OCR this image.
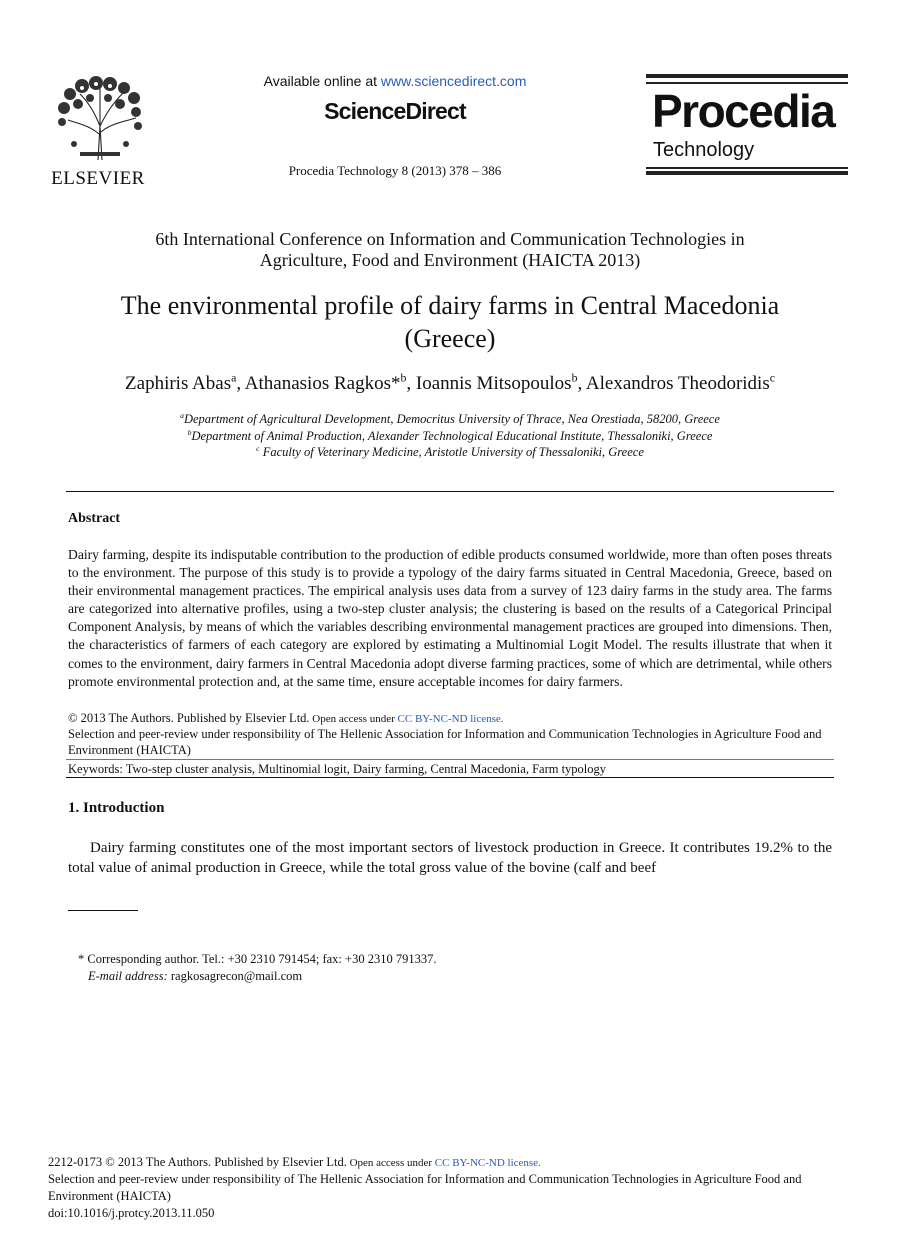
ELSEVIER
Available online at www.sciencedirect.com
ScienceDirect
Procedia Technology 8 (2013) 378 – 386
Procedia
Technology
6th International Conference on Information and Communication Technologies in
Agriculture, Food and Environment (HAICTA 2013)
The environmental profile of dairy farms in Central Macedonia
(Greece)
Zaphiris Abas$^a$, Athanasios Ragkos*$^b$, Ioannis Mitsopoulos$^b$, Alexandros Theodoridis$^c$
$^a$Department of Agricultural Development, Democritus University of Thrace, Nea Orestiada, 58200, Greece
$^b$Department of Animal Production, Alexander Technological Educational Institute, Thessaloniki, Greece
$^c$ Faculty of Veterinary Medicine, Aristotle University of Thessaloniki, Greece
Abstract
Dairy farming, despite its indisputable contribution to the production of edible products consumed worldwide, more than often poses threats to the environment. The purpose of this study is to provide a typology of the dairy farms situated in Central Macedonia, Greece, based on their environmental management practices. The empirical analysis uses data from a survey of 123 dairy farms in the study area. The farms are categorized into alternative profiles, using a two-step cluster analysis; the clustering is based on the results of a Categorical Principal Component Analysis, by means of which the variables describing environmental management practices are grouped into dimensions. Then, the characteristics of farmers of each category are explored by estimating a Multinomial Logit Model. The results illustrate that when it comes to the environment, dairy farmers in Central Macedonia adopt diverse farming practices, some of which are detrimental, while others promote environmental protection and, at the same time, ensure acceptable incomes for dairy farmers.
© 2013 The Authors. Published by Elsevier Ltd. Open access under CC BY-NC-ND license.
Selection and peer-review under responsibility of The Hellenic Association for Information and Communication Technologies in Agriculture Food and Environment (HAICTA)
Keywords: Two-step cluster analysis, Multinomial logit, Dairy farming, Central Macedonia, Farm typology
1. Introduction
Dairy farming constitutes one of the most important sectors of livestock production in Greece. It contributes 19.2% to the total value of animal production in Greece, while the total gross value of the bovine (calf and beef
* Corresponding author. Tel.: +30 2310 791454; fax: +30 2310 791337.
E-mail address: ragkosagrecon@mail.com
2212-0173 © 2013 The Authors. Published by Elsevier Ltd. Open access under CC BY-NC-ND license.
Selection and peer-review under responsibility of The Hellenic Association for Information and Communication Technologies in Agriculture Food and Environment (HAICTA)
doi:10.1016/j.protcy.2013.11.050
